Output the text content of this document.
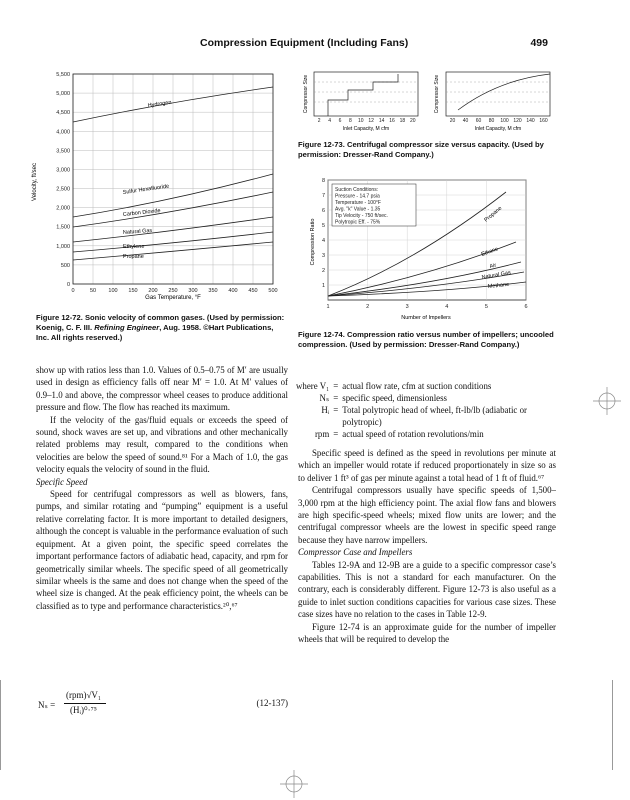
Compression Equipment (Including Fans)	499
0
500
1,000
1,500
2,000
2,500
3,000
3,500
4,000
4,500
5,000
5,500
0	50 100 150 200 250 300 350 400 450 500
Velocity, ft/sec
Gas Temperature, °F
Hydrogen
Sulfur Hexafluoride
Carbon Dioxide
Natural Gas
Propane
Ethylene
Figure 12-72. Sonic velocity of common gases. (Used by permission: Koenig, C. F. III. Refining Engineer, Aug. 1958. ©Hart Publications, Inc. All rights reserved.)
2 4 6 8 10 12 14 16 18 20	20 40 60 80 100 120 140 160
Inlet Capacity, M cfm	Inlet Capacity, M cfm
Compressor Size	Compressor Size
Figure 12-73. Centrifugal compressor size versus capacity. (Used by permission: Dresser-Rand Company.)
Suction Conditions:
Pressure - 14.7 psia
Temperature - 100°F
Avg. "k" Value - 1.35
Tip Velocity - 750 ft/sec.
Polytropic Eff. - 75%
1
2
3
4
5
6
7
8
1	2	3	4	5	6
Compression Ratio
Number of Impellers
Propane
Ethane
Air
Natural Gas
Methane
Figure 12-74. Compression ratio versus number of impellers; uncooled compression. (Used by permission: Dresser-Rand Company.)

show up with ratios less than 1.0. Values of 0.5–0.75 of M′ are usually used in design as efficiency falls off near M′ = 1.0. At M′ values of 0.9–1.0 and above, the compressor wheel ceases to produce additional pressure and flow. The flow has reached its maximum.

If the velocity of the gas/fluid equals or exceeds the speed of sound, shock waves are set up, and vibrations and other mechanically related problems may result, compared to the conditions when velocities are below the speed of sound.⁸¹ For a Mach of 1.0, the gas velocity equals the velocity of sound in the fluid.

Specific Speed

Speed for centrifugal compressors as well as blowers, fans, pumps, and similar rotating and “pumping” equipment is a useful relative correlating factor. It is more important to detailed designers, although the concept is valuable in the performance evaluation of such equipment. At a given point, the specific speed correlates the important performance factors of adiabatic head, capacity, and rpm for geometrically similar wheels. The specific speed of all geometrically similar wheels is the same and does not change when the speed of the wheel size is changed. At the peak efficiency point, the wheels can be classified as to type and performance characteristics.²⁰,⁶⁷

Nₛ =
(rpm)√V₁
(Hᵢ)⁰·⁷⁵
(12-137)
where V₁	=	actual flow rate, cfm at suction conditions
Nₛ	=	specific speed, dimensionless
Hᵢ	=	Total polytropic head of wheel, ft-lb/lb (adiabatic or polytropic)
rpm	=	actual speed of rotation revolutions/min

Specific speed is defined as the speed in revolutions per minute at which an impeller would rotate if reduced proportionately in size so as to deliver 1 ft³ of gas per minute against a total head of 1 ft of fluid.⁶⁷

Centrifugal compressors usually have specific speeds of 1,500–3,000 rpm at the high efficiency point. The axial flow fans and blowers are high specific-speed wheels; mixed flow units are lower; and the centrifugal compressor wheels are the lowest in specific speed range because they have narrow impellers.

Compressor Case and Impellers

Tables 12-9A and 12-9B are a guide to a specific compressor case’s capabilities. This is not a standard for each manufacturer. On the contrary, each is considerably different. Figure 12-73 is also useful as a guide to inlet suction conditions capacities for various case sizes. These case sizes have no relation to the cases in Table 12-9.

Figure 12-74 is an approximate guide for the number of impeller wheels that will be required to develop the
